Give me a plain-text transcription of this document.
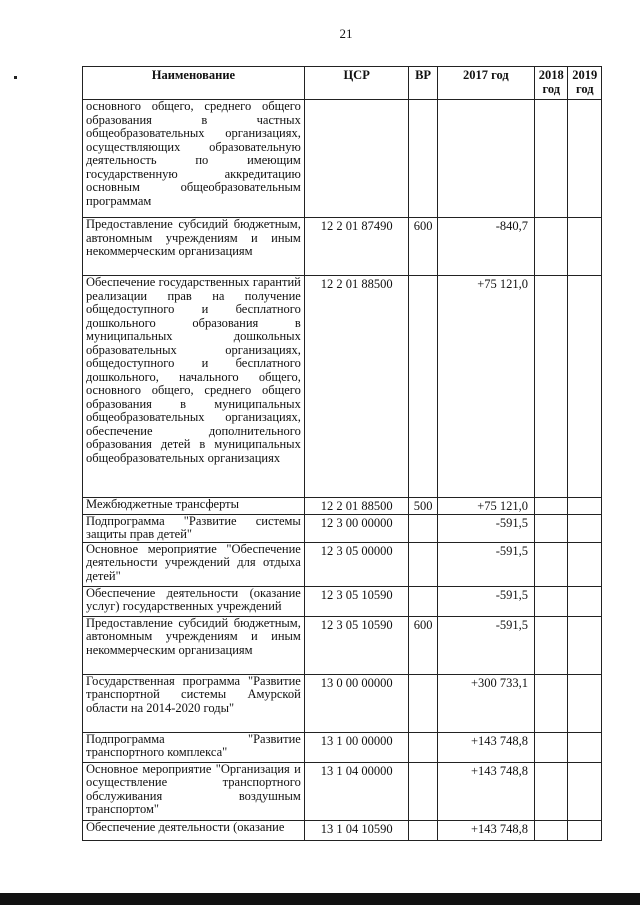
21
Наименование	ЦСР	ВР	2017 год	2018 год	2019 год
основного общего, среднего общего образования в частных общеобразовательных организациях, осуществляющих образовательную деятельность по имеющим государственную аккредитацию основным общеобразовательным программам					
Предоставление субсидий бюджетным, автономным учреждениям и иным некоммерческим организациям	12 2 01 87490	600	-840,7		
Обеспечение государственных гарантий реализации прав на получение общедоступного и бесплатного дошкольного образования в муниципальных дошкольных образовательных организациях, общедоступного и бесплатного дошкольного, начального общего, основного общего, среднего общего образования в муниципальных общеобразовательных организациях, обеспечение дополнительного образования детей в муниципальных общеобразовательных организациях	12 2 01 88500		+75 121,0		
Межбюджетные трансферты	12 2 01 88500	500	+75 121,0		
Подпрограмма "Развитие системы защиты прав детей"	12 3 00 00000		-591,5		
Основное мероприятие "Обеспечение деятельности учреждений для отдыха детей"	12 3 05 00000		-591,5		
Обеспечение деятельности (оказание услуг) государственных учреждений	12 3 05 10590		-591,5		
Предоставление субсидий бюджетным, автономным учреждениям и иным некоммерческим организациям	12 3 05 10590	600	-591,5		
Государственная программа "Развитие транспортной системы Амурской области на 2014-2020 годы"	13 0 00 00000		+300 733,1		
Подпрограмма "Развитие транспортного комплекса"	13 1 00 00000		+143 748,8		
Основное мероприятие "Организация и осуществление транспортного обслуживания воздушным транспортом"	13 1 04 00000		+143 748,8		
Обеспечение деятельности (оказание	13 1 04 10590		+143 748,8		
